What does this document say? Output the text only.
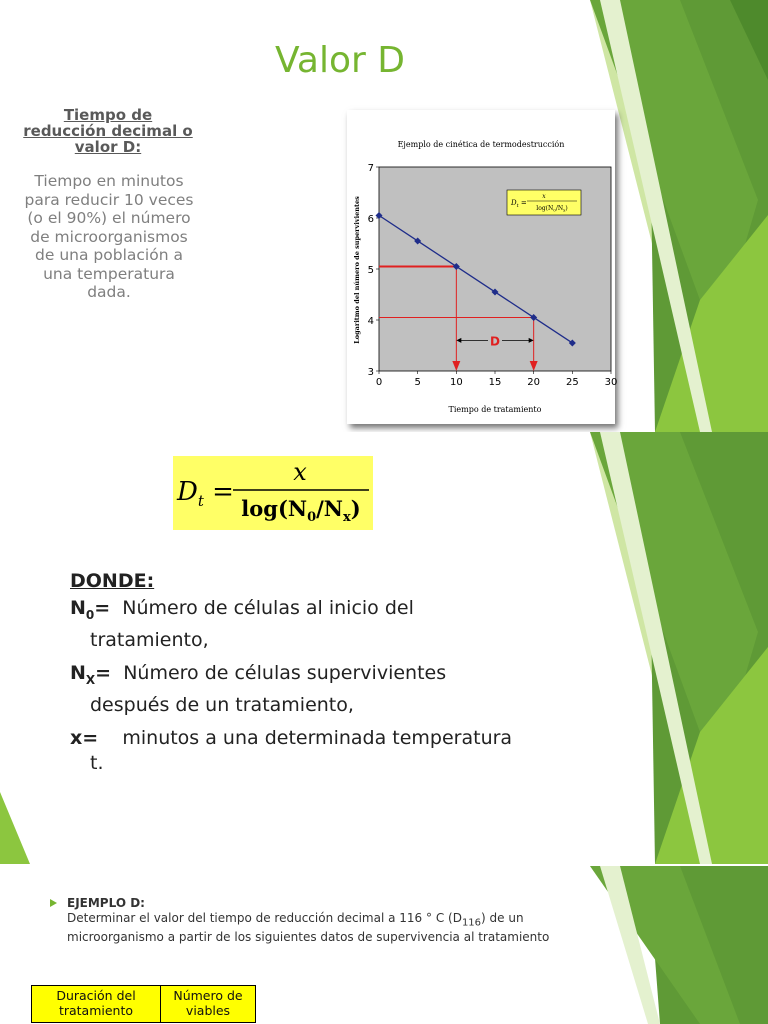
Valor D
Tiempo de reducción decimal o valor D:
Tiempo en minutos para reducir 10 veces (o el 90%) el número de microorganismos de una población a una temperatura dada.
Ejemplo de cinética de termodestrucción
0	5	10	15	20	25	30
3
4
5
6
7
D
$D_t$ =
x
$\log(N_0/N_x)$
Tiempo de tratamiento
Logaritmo del número de supervivientes
$D_t$ =
x
$\log(N_0/N_x)$
DONDE:
$N_0=$ Número de células al inicio del tratamiento,
$N_X=$ Número de células supervivientes después de un tratamiento,
x= minutos a una determinada temperatura t.
EJEMPLO D:
Determinar el valor del tiempo de reducción decimal a 116 ° C $(D_{116})$ de un microorganismo a partir de los siguientes datos de supervivencia al tratamiento
Duración del tratamiento	Número de viables
